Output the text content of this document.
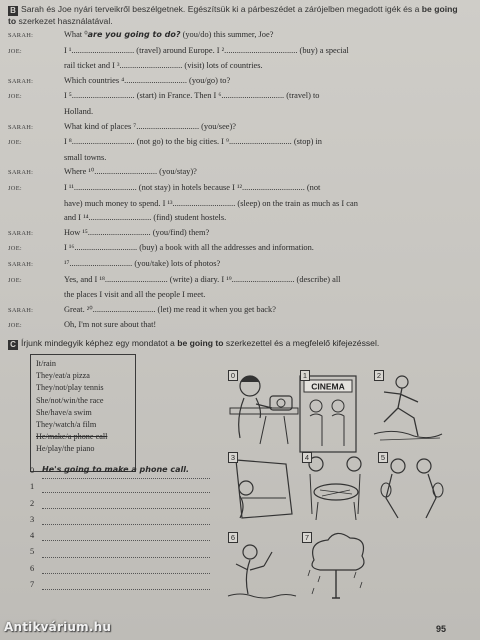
B Sarah és Joe nyári terveikről beszélgetnek. Egészítsük ki a párbeszédet a zárójelben megadott igék és a be going to szerkezet használatával.
SARAH:	What ⁰are you going to do? (you/do) this summer, Joe?
JOE:	I ¹.............................. (travel) around Europe. I ²................................... (buy) a special
rail ticket and I ³.............................. (visit) lots of countries.
SARAH:	Which countries ⁴.............................. (you/go) to?
JOE:	I ⁵.............................. (start) in France. Then I ⁶.............................. (travel) to
Holland.
SARAH:	What kind of places ⁷.............................. (you/see)?
JOE:	I ⁸.............................. (not go) to the big cities. I ⁹.............................. (stop) in
small towns.
SARAH:	Where ¹⁰.............................. (you/stay)?
JOE:	I ¹¹.............................. (not stay) in hotels because I ¹².............................. (not
have) much money to spend. I ¹³.............................. (sleep) on the train as much as I can
and I ¹⁴.............................. (find) student hostels.
SARAH:	How ¹⁵.............................. (you/find) them?
JOE:	I ¹⁶.............................. (buy) a book with all the addresses and information.
SARAH:	¹⁷.............................. (you/take) lots of photos?
JOE:	Yes, and I ¹⁸.............................. (write) a diary. I ¹⁹.............................. (describe) all
the places I visit and all the people I meet.
SARAH:	Great. ²⁰.............................. (let) me read it when you get back?
JOE:	Oh, I'm not sure about that!
C Írjunk mindegyik képhez egy mondatot a be going to szerkezettel és a megfelelő kifejezéssel.
It/rain
They/eat/a pizza
They/not/play tennis
She/not/win/the race
She/have/a swim
They/watch/a film
He/make/a phone call
He/play/the piano
0 He's going to make a phone call.
1
2
3
4
5
6
7
CINEMA
0	1	2
3	4	5
6	7
95
Antikvárium.hu
